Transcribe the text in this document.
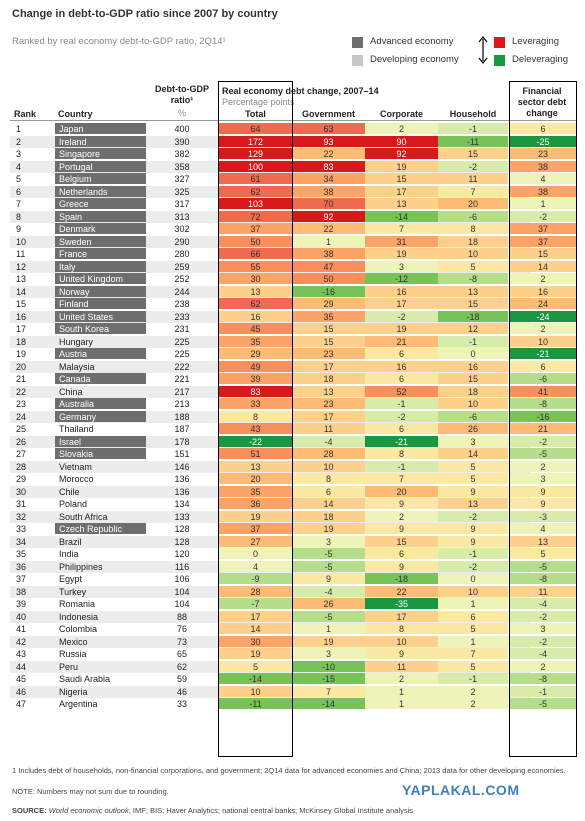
Change in debt-to-GDP ratio since 2007 by country
Ranked by real economy debt-to-GDP ratio, 2Q14¹	Advanced economy
Developing economy
Leveraging
Deleveraging
Debt-to-GDP ratio¹
%
Real economy debt change, 2007–14
Percentage points
Financial sector debt change
Rank Country	Total	Government	Corporate	Household
1	Japan	400	64	63	2	-1	6
2	Ireland	390	172	93	90	-11	-25
3	Singapore	382	129	22	92	15	23
4	Portugal	358	100	83	19	-2	38
5	Belgium	327	61	34	15	11	4
6	Netherlands	325	62	38	17	7	38
7	Greece	317	103	70	13	20	1
8	Spain	313	72	92	-14	-6	-2
9	Denmark	302	37	22	7	8	37
10	Sweden	290	50	1	31	18	37
11	France	280	66	38	19	10	15
12	Italy	259	55	47	3	5	14
13	United Kingdom	252	30	50	-12	-8	2
14	Norway	244	13	-16	16	13	16
15	Finland	238	62	29	17	15	24
16	United States	233	16	35	-2	-18	-24
17	South Korea	231	45	15	19	12	2
18	Hungary	225	35	15	21	-1	10
19	Austria	225	29	23	6	0	-21
20	Malaysia	222	49	17	16	16	6
21	Canada	221	39	18	6	15	-6
22	China	217	83	13	52	18	41
23	Australia	213	33	23	-1	10	-8
24	Germany	188	8	17	-2	-6	-16
25	Thailand	187	43	11	6	26	21
26	Israel	178	-22	-4	-21	3	-2
27	Slovakia	151	51	28	8	14	-5
28	Vietnam	146	13	10	-1	5	2
29	Morocco	136	20	8	7	5	3
30	Chile	136	35	6	20	9	9
31	Poland	134	36	14	9	13	9
32	South Africa	133	19	18	2	-2	-3
33	Czech Republic	128	37	19	9	9	4
34	Brazil	128	27	3	15	9	13
35	India	120	0	-5	6	-1	5
36	Philippines	116	4	-5	9	-2	-5
37	Egypt	106	-9	9	-18	0	-8
38	Turkey	104	28	-4	22	10	11
39	Romania	104	-7	26	-35	1	-4
40	Indonesia	88	17	-5	17	6	-2
41	Colombia	76	14	1	8	5	3
42	Mexico	73	30	19	10	1	-2
43	Russia	65	19	3	9	7	-4
44	Peru	62	5	-10	11	5	2
45	Saudi Arabia	59	-14	-15	2	-1	-8
46	Nigeria	46	10	7	1	2	-1
47	Argentina	33	-11	-14	1	2	-5
1 Includes debt of households, non-financial corporations, and government; 2Q14 data for advanced economies and China; 2013 data for other developing economies.
NOTE: Numbers may not sum due to rounding.
SOURCE: World economic outlook, IMF; BIS; Haver Analytics; national central banks; McKinsey Global Institute analysis
YAPLAKAL.COM
